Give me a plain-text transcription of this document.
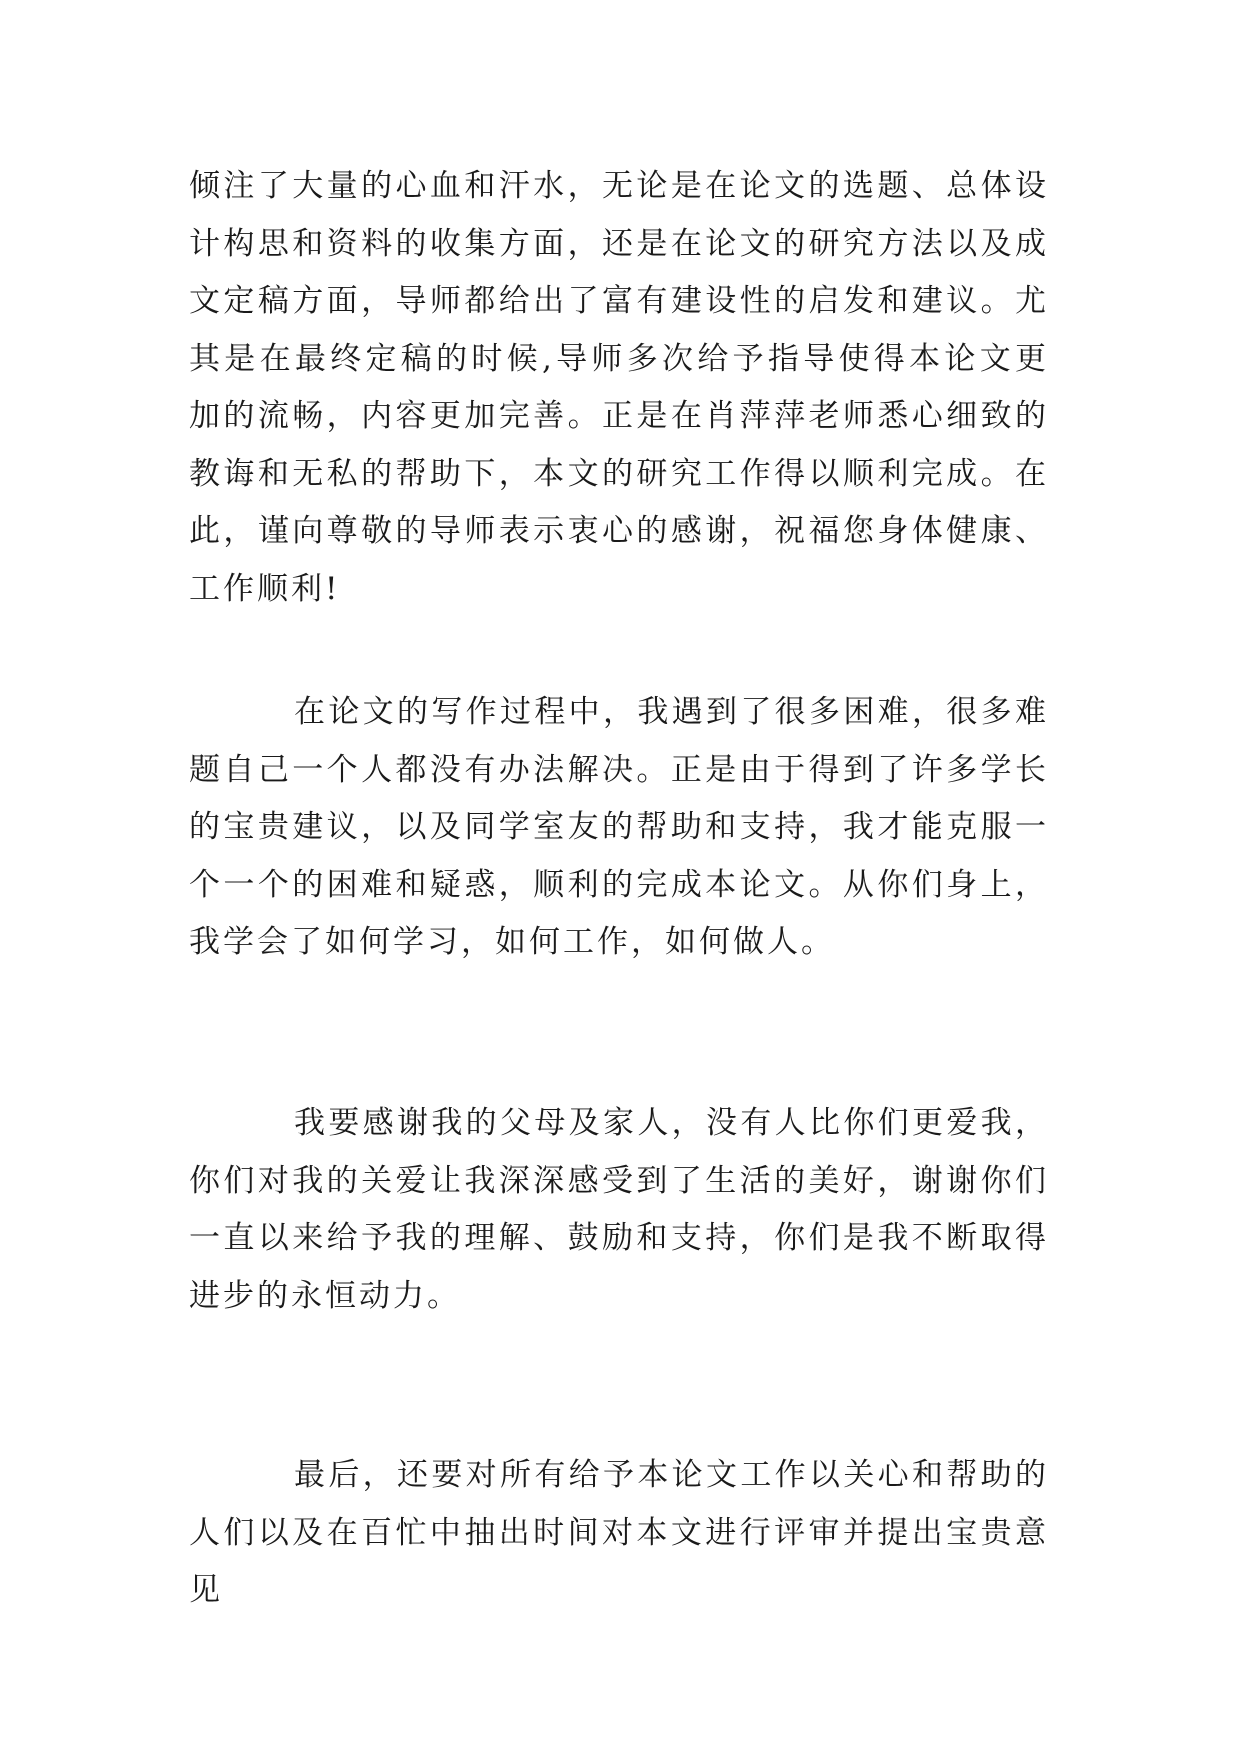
倾注了大量的心血和汗水，无论是在论文的选题、总体设计构思和资料的收集方面，还是在论文的研究方法以及成文定稿方面，导师都给出了富有建设性的启发和建议。尤其是在最终定稿的时候,导师多次给予指导使得本论文更加的流畅，内容更加完善。正是在肖萍萍老师悉心细致的教诲和无私的帮助下，本文的研究工作得以顺利完成。在此，谨向尊敬的导师表示衷心的感谢，祝福您身体健康、工作顺利!

在论文的写作过程中，我遇到了很多困难，很多难题自己一个人都没有办法解决。正是由于得到了许多学长的宝贵建议，以及同学室友的帮助和支持，我才能克服一个一个的困难和疑惑，顺利的完成本论文。从你们身上，我学会了如何学习，如何工作，如何做人。

我要感谢我的父母及家人，没有人比你们更爱我，你们对我的关爱让我深深感受到了生活的美好，谢谢你们一直以来给予我的理解、鼓励和支持，你们是我不断取得进步的永恒动力。

最后，还要对所有给予本论文工作以关心和帮助的人们以及在百忙中抽出时间对本文进行评审并提出宝贵意见
